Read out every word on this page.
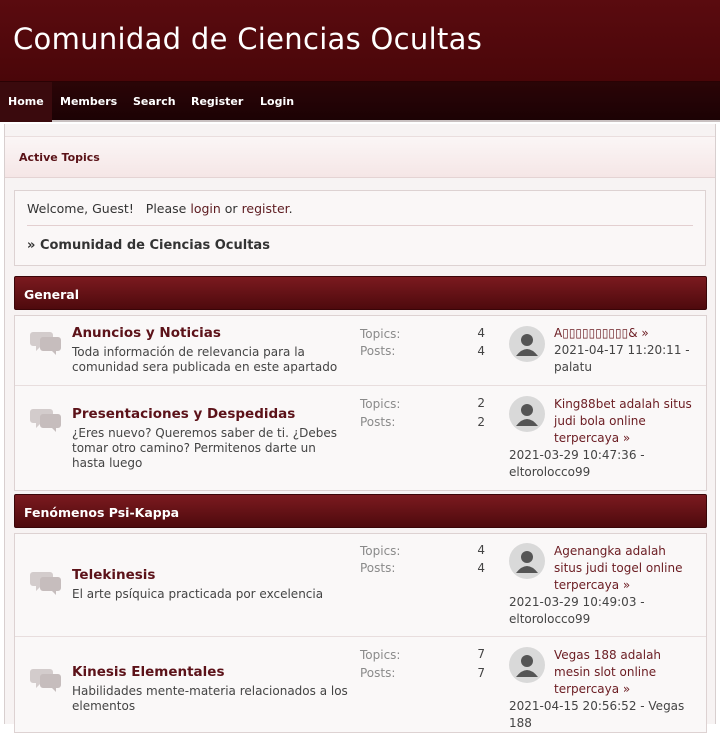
Comunidad de Ciencias Ocultas
Home	Members Search Register Login
Active Topics
Welcome, Guest! Please login or register.
» Comunidad de Ciencias Ocultas
General
Anuncios y Noticias
Toda información de relevancia para la
comunidad sera publicada en este apartado
Topics:	4
Posts:	4
A▯▯▯▯▯▯▯▯▯▯& »
2021-04-17 11:20:11 -
palatu
Presentaciones y Despedidas
¿Eres nuevo? Queremos saber de ti. ¿Debes
tomar otro camino? Permitenos darte un
hasta luego
Topics:	2
Posts:	2
King88bet adalah situs
judi bola online
terpercaya »
2021-03-29 10:47:36 -
eltorolocco99
Fenómenos Psi-Kappa
Telekinesis
El arte psíquica practicada por excelencia
Topics:	4
Posts:	4
Agenangka adalah
situs judi togel online
terpercaya »
2021-03-29 10:49:03 -
eltorolocco99
Kinesis Elementales
Habilidades mente-materia relacionados a los
elementos
Topics:	7
Posts:	7
Vegas 188 adalah
mesin slot online
terpercaya »
2021-04-15 20:56:52 - Vegas
188
